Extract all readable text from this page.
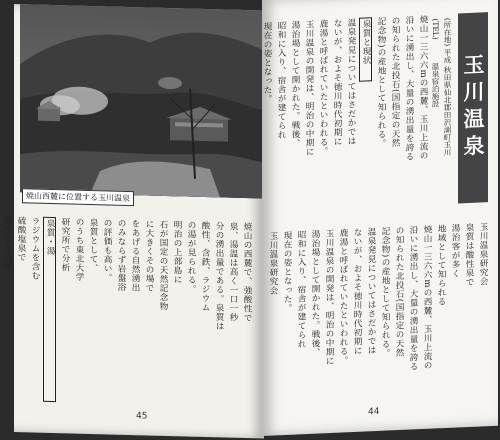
焼山西麓に位置する玉川温泉
焼山の西麓で、強酸性で
泉、湯温は高く一口一秒
分の湧出量である。泉質は
酸性、含鉄、ラジウム
の湯が見られる。
明治の上部島に
石が国定の天然記念物
に大きくその場で
をあげる自然湧出
のみならず岩盤浴
の評価も高い。
泉質として、
のうち東北大学
研究所で分析
泉質・湯
ラジウムを含む
硫酸塩泉で
温度は九八度
45
玉川温泉
(所在地) 平成 秋田県仙北郡田沢湖町玉川
(TEL)
温泉宿泊施設
焼山一三六六mの西麓、玉川上流の
沿いに湧出し、大量の湧出量を誇る
の知られた北投石(国指定の天然
記念物)の産地として知られる。
泉質と現状
温泉発見についてはさだかでは
ないが、およそ徳川時代初期に
鹿湯と呼ばれていたといわれる。
玉川温泉の開発は、明治の中期に
湯治場として開かれた。戦後、
昭和に入り、宿舎が建てられ
現在の姿となった。
玉川温泉研究会
泉質は酸性泉で
湯治客が多く
地域として知られる
焼山一三六六mの西麓、玉川上流の
沿いに湧出し、大量の湧出量を誇る
の知られた北投石(国指定の天然
記念物)の産地として知られる。
温泉発見についてはさだかでは
ないが、およそ徳川時代初期に
鹿湯と呼ばれていたといわれる。
玉川温泉の開発は、明治の中期に
湯治場として開かれた。戦後、
昭和に入り、宿舎が建てられ
現在の姿となった。
玉川温泉研究会
44
